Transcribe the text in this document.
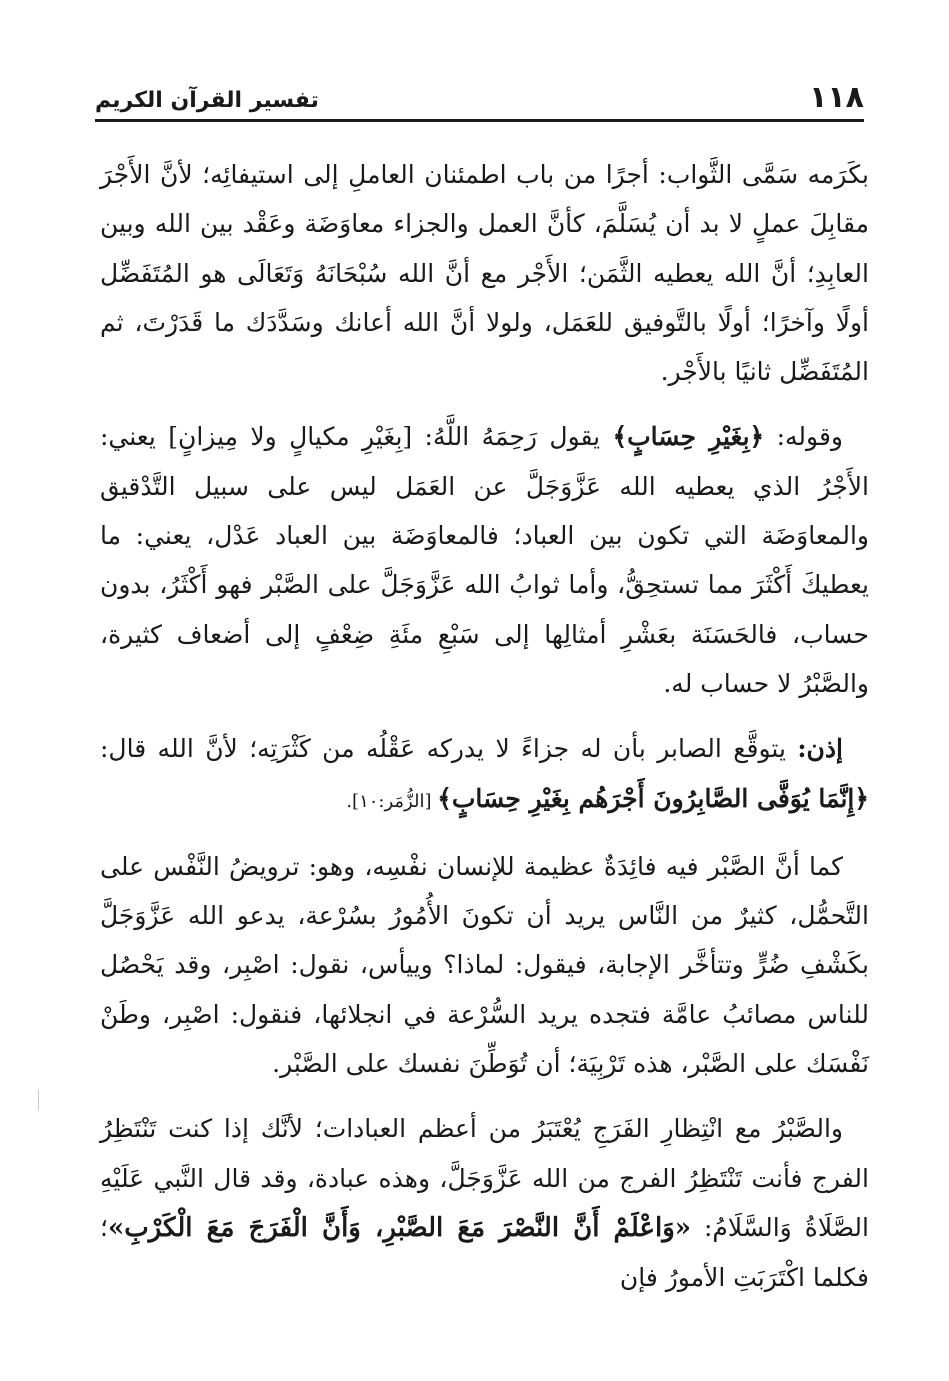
١١٨
تفسير القرآن الكريم

بكَرَمه سَمَّى الثَّواب: أجرًا من باب اطمئنان العاملِ إلى استيفائِه؛ لأنَّ الأَجْرَ مقابِلَ عملٍ لا بد أن يُسَلَّمَ، كأنَّ العمل والجزاء معاوَضَة وعَقْد بين الله وبين العابِدِ؛ أنَّ الله يعطيه الثَّمَن؛ الأَجْر مع أنَّ الله سُبْحَانَهُ وَتَعَالَى هو المُتَفَضِّل أولًا وآخرًا؛ أولًا بالتَّوفيق للعَمَل، ولولا أنَّ الله أعانك وسَدَّدَك ما قَدَرْتَ، ثم المُتَفَضِّل ثانيًا بالأَجْر.

وقوله: ﴿بِغَيْرِ حِسَابٍ﴾ يقول رَحِمَهُ اللَّهُ: [بِغَيْرِ مكيالٍ ولا مِيزانٍ] يعني: الأَجْرُ الذي يعطيه الله عَزَّوَجَلَّ عن العَمَل ليس على سبيل التَّدْقيق والمعاوَضَة التي تكون بين العباد؛ فالمعاوَضَة بين العباد عَدْل، يعني: ما يعطيكَ أَكْثَرَ مما تستحِقُّ، وأما ثوابُ الله عَزَّوَجَلَّ على الصَّبْر فهو أَكْثَرُ، بدون حساب، فالحَسَنَة بعَشْرِ أمثالِها إلى سَبْعِ مئَةِ ضِعْفٍ إلى أضعاف كثيرة، والصَّبْرُ لا حساب له.

إذن: يتوقَّع الصابر بأن له جزاءً لا يدركه عَقْلُه من كَثْرَتِه؛ لأنَّ الله قال: ﴿إِنَّمَا يُوَفَّى الصَّابِرُونَ أَجْرَهُم بِغَيْرِ حِسَابٍ﴾ [الزُّمَر:١٠].

كما أنَّ الصَّبْر فيه فائِدَةٌ عظيمة للإنسان نفْسِه، وهو: ترويضُ النَّفْس على التَّحمُّل، كثيرٌ من النَّاس يريد أن تكونَ الأُمُورُ بسُرْعة، يدعو الله عَزَّوَجَلَّ بكَشْفِ ضُرٍّ وتتأخَّر الإجابة، فيقول: لماذا؟ وييأس، نقول: اصْبِر، وقد يَحْصُل للناس مصائبُ عامَّة فتجده يريد السُّرْعة في انجلائها، فنقول: اصْبِر، وطَنْ نَفْسَك على الصَّبْر، هذه تَرْبِيَة؛ أن تُوَطِّنَ نفسك على الصَّبْر.

والصَّبْرُ مع انْتِظارِ الفَرَجِ يُعْتَبَرُ من أعظم العبادات؛ لأنَّك إذا كنت تَنْتَظِرُ الفرج فأنت تَنْتَظِرُ الفرج من الله عَزَّوَجَلَّ، وهذه عبادة، وقد قال النَّبي عَلَيْهِ الصَّلَاةُ وَالسَّلَامُ: «وَاعْلَمْ أَنَّ النَّصْرَ مَعَ الصَّبْرِ، وَأَنَّ الْفَرَجَ مَعَ الْكَرْبِ»؛ فكلما اكْتَرَبَتِ الأمورُ فإن
